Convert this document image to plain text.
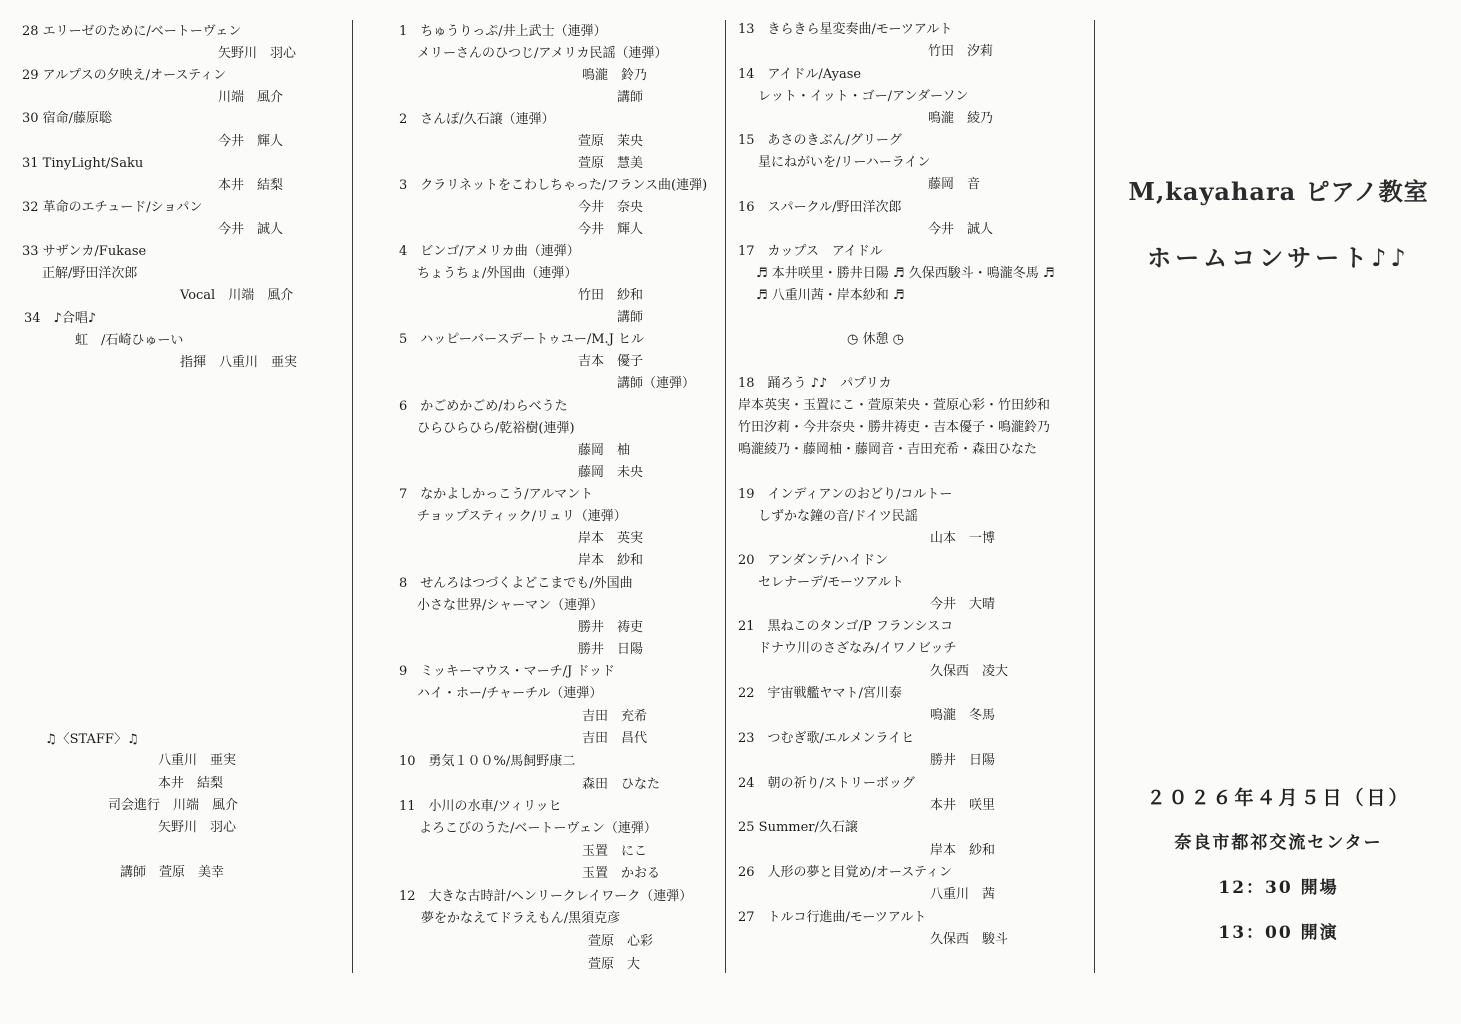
28 エリーゼのために/ベートーヴェン
矢野川　羽心
29 アルプスの夕映え/オースティン
川端　風介
30 宿命/藤原聡
今井　輝人
31 TinyLight/Saku
本井　結梨
32 革命のエチュード/ショパン
今井　誠人
33 サザンカ/Fukase
正解/野田洋次郎
Vocal　川端　風介
34　♪合唱♪
虹　/石崎ひゅーい
指揮　八重川　亜実
♫〈STAFF〉♫
八重川　亜実
本井　結梨
司会進行　川端　風介
矢野川　羽心
講師　萱原　美幸
1　ちゅうりっぷ/井上武士（連弾）
メリーさんのひつじ/アメリカ民謡（連弾）
鳴瀧　鈴乃
講師
2　さんぽ/久石譲（連弾）
萱原　茉央
萱原　慧美
3　クラリネットをこわしちゃった/フランス曲(連弾)
今井　奈央
今井　輝人
4　ビンゴ/アメリカ曲（連弾）
ちょうちょ/外国曲（連弾）
竹田　紗和
講師
5　ハッピーバースデートゥユー/M.J ヒル
吉本　優子
講師（連弾）
6　かごめかごめ/わらべうた
ひらひらひら/乾裕樹(連弾)
藤岡　柚
藤岡　未央
7　なかよしかっこう/アルマント
チョップスティック/リュリ（連弾）
岸本　英実
岸本　紗和
8　せんろはつづくよどこまでも/外国曲
小さな世界/シャーマン（連弾）
勝井　祷吏
勝井　日陽
9　ミッキーマウス・マーチ/J ドッド
ハイ・ホー/チャーチル（連弾）
吉田　充希
吉田　昌代
10　勇気１００%/馬飼野康二
森田　ひなた
11　小川の水車/ツィリッヒ
よろこびのうた/ベートーヴェン（連弾）
玉置　にこ
玉置　かおる
12　大きな古時計/ヘンリークレイワーク（連弾）
夢をかなえてドラえもん/黒須克彦
萱原　心彩
萱原　大
13　きらきら星変奏曲/モーツアルト
竹田　汐莉
14　アイドル/Ayase
レット・イット・ゴー/アンダーソン
鳴瀧　綾乃
15　あさのきぶん/グリーグ
星にねがいを/リーハーライン
藤岡　音
16　スパークル/野田洋次郎
今井　誠人
17　カップス　アイドル
♬ 本井咲里・勝井日陽 ♬ 久保西駿斗・鳴瀧冬馬 ♬
♬ 八重川茜・岸本紗和 ♬
◷ 休憩 ◷
18　踊ろう ♪♪　パプリカ
岸本英実・玉置にこ・萱原茉央・萱原心彩・竹田紗和
竹田汐莉・今井奈央・勝井祷吏・吉本優子・鳴瀧鈴乃
鳴瀧綾乃・藤岡柚・藤岡音・吉田充希・森田ひなた
19　インディアンのおどり/コルトー
しずかな鐘の音/ドイツ民謡
山本　一博
20　アンダンテ/ハイドン
セレナーデ/モーツアルト
今井　大晴
21　黒ねこのタンゴ/P フランシスコ
ドナウ川のさざなみ/イワノビッチ
久保西　凌大
22　宇宙戦艦ヤマト/宮川泰
鳴瀧　冬馬
23　つむぎ歌/エルメンライヒ
勝井　日陽
24　朝の祈り/ストリーボッグ
本井　咲里
25 Summer/久石譲
岸本　紗和
26　人形の夢と目覚め/オースティン
八重川　茜
27　トルコ行進曲/モーツアルト
久保西　駿斗
M,kayahara ピアノ教室
ホームコンサート♪♪
２０２６年４月５日（日）
奈良市都祁交流センター
12：30 開場
13：00 開演
